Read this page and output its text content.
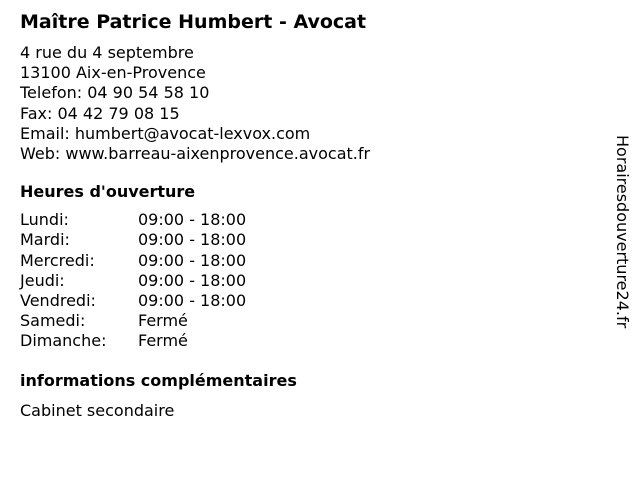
Maître Patrice Humbert - Avocat
4 rue du 4 septembre
13100 Aix-en-Provence
Telefon: 04 90 54 58 10
Fax: 04 42 79 08 15
Email: humbert@avocat-lexvox.com
Web: www.barreau-aixenprovence.avocat.fr
Heures d'ouverture
Lundi:	09:00 - 18:00
Mardi:	09:00 - 18:00
Mercredi:	09:00 - 18:00
Jeudi:	09:00 - 18:00
Vendredi:	09:00 - 18:00
Samedi:	Fermé
Dimanche:	Fermé
informations complémentaires
Cabinet secondaire
Horairesdouverture24.fr
